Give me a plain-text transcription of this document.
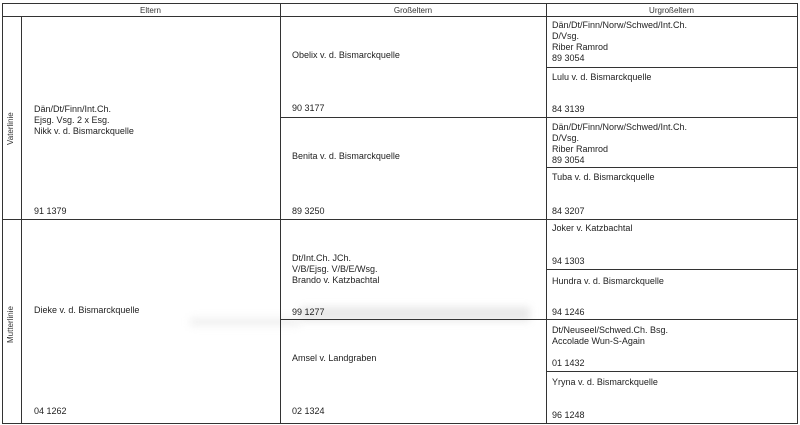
Eltern	Großeltern	Urgroßeltern
Vaterlinie
Mutterlinie
Dän/Dt/Finn/Int.Ch.
Ejsg. Vsg. 2 x Esg.
Nikk v. d. Bismarckquelle
91 1379
Obelix v. d. Bismarckquelle
90 3177
Dän/Dt/Finn/Norw/Schwed/Int.Ch.
D/Vsg.
Riber Ramrod
89 3054
Lulu v. d. Bismarckquelle
84 3139
Benita v. d. Bismarckquelle
89 3250
Dän/Dt/Finn/Norw/Schwed/Int.Ch.
D/Vsg.
Riber Ramrod
89 3054
Tuba v. d. Bismarckquelle
84 3207
Dieke v. d. Bismarckquelle
04 1262
Dt/Int.Ch. JCh.
V/B/Ejsg. V/B/E/Wsg.
Brando v. Katzbachtal
99 1277
Joker v. Katzbachtal
94 1303
Hundra v. d. Bismarckquelle
94 1246
Amsel v. Landgraben
02 1324
Dt/Neuseel/Schwed.Ch. Bsg.
Accolade Wun-S-Again
01 1432
Yryna v. d. Bismarckquelle
96 1248
